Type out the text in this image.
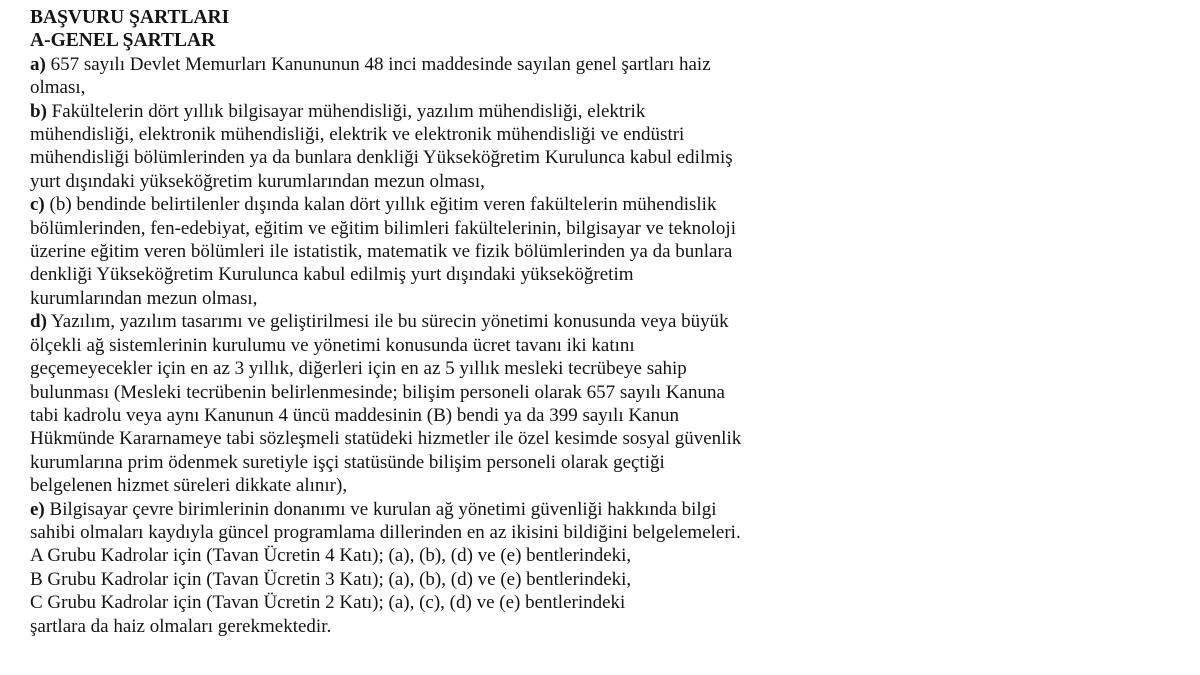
BAŞVURU ŞARTLARI

A-GENEL ŞARTLAR

a) 657 sayılı Devlet Memurları Kanununun 48 inci maddesinde sayılan genel şartları haiz

olması,

b) Fakültelerin dört yıllık bilgisayar mühendisliği, yazılım mühendisliği, elektrik

mühendisliği, elektronik mühendisliği, elektrik ve elektronik mühendisliği ve endüstri

mühendisliği bölümlerinden ya da bunlara denkliği Yükseköğretim Kurulunca kabul edilmiş

yurt dışındaki yükseköğretim kurumlarından mezun olması,

c) (b) bendinde belirtilenler dışında kalan dört yıllık eğitim veren fakültelerin mühendislik

bölümlerinden, fen-edebiyat, eğitim ve eğitim bilimleri fakültelerinin, bilgisayar ve teknoloji

üzerine eğitim veren bölümleri ile istatistik, matematik ve fizik bölümlerinden ya da bunlara

denkliği Yükseköğretim Kurulunca kabul edilmiş yurt dışındaki yükseköğretim

kurumlarından mezun olması,

d) Yazılım, yazılım tasarımı ve geliştirilmesi ile bu sürecin yönetimi konusunda veya büyük

ölçekli ağ sistemlerinin kurulumu ve yönetimi konusunda ücret tavanı iki katını

geçemeyecekler için en az 3 yıllık, diğerleri için en az 5 yıllık mesleki tecrübeye sahip

bulunması (Mesleki tecrübenin belirlenmesinde; bilişim personeli olarak 657 sayılı Kanuna

tabi kadrolu veya aynı Kanunun 4 üncü maddesinin (B) bendi ya da 399 sayılı Kanun

Hükmünde Kararnameye tabi sözleşmeli statüdeki hizmetler ile özel kesimde sosyal güvenlik

kurumlarına prim ödenmek suretiyle işçi statüsünde bilişim personeli olarak geçtiği

belgelenen hizmet süreleri dikkate alınır),

e) Bilgisayar çevre birimlerinin donanımı ve kurulan ağ yönetimi güvenliği hakkında bilgi

sahibi olmaları kaydıyla güncel programlama dillerinden en az ikisini bildiğini belgelemeleri.

A Grubu Kadrolar için (Tavan Ücretin 4 Katı); (a), (b), (d) ve (e) bentlerindeki,

B Grubu Kadrolar için (Tavan Ücretin 3 Katı); (a), (b), (d) ve (e) bentlerindeki,

C Grubu Kadrolar için (Tavan Ücretin 2 Katı); (a), (c), (d) ve (e) bentlerindeki

şartlara da haiz olmaları gerekmektedir.
